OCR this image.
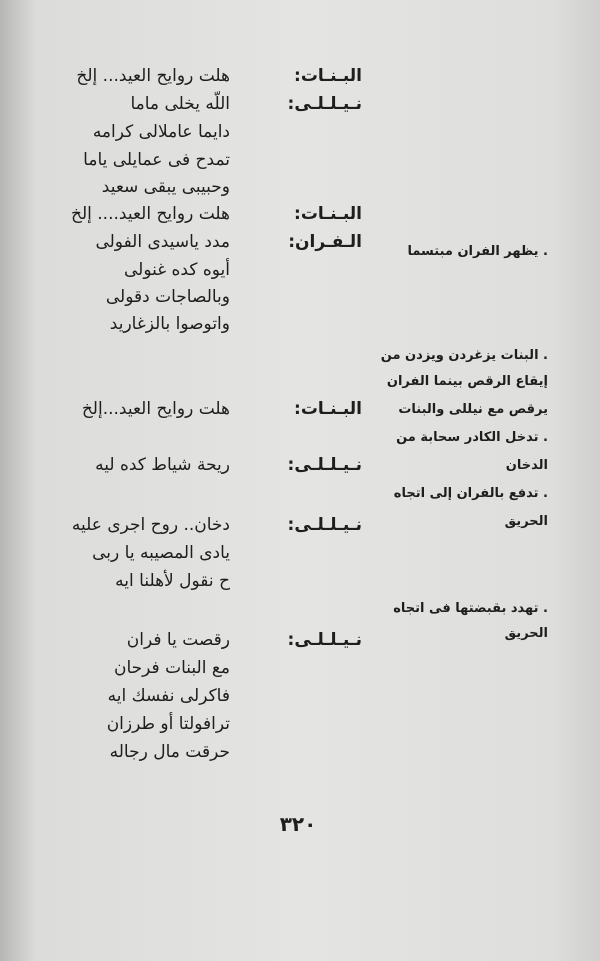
البـنـات:
هلت روايح العيد... إلخ
نـيـلـلـى:
اللّه يخلى ماما
دايما عاملالى كرامه
تمدح فى عمايلى ياما
وحبيبى يبقى سعيد
البـنـات:
هلت روايح العيد.... إلخ
الـفـران:
مدد ياسيدى الفولى
أيوه كده غنولى
وبالصاجات دقولى
واتوصوا بالزغاريد
البـنـات:
هلت روايح العيد...إلخ
نـيـلـلـى:
ريحة شياط كده ليه
نـيـلـلـى:
دخان.. روح اجرى عليه
يادى المصيبه يا ربى
ح نقول لأهلنا ايه
نـيـلـلـى:
رقصت يا فران
مع البنات فرحان
فاكرلى نفسك ايه
ترافولتا أو طرزان
حرقت مال رجاله
. يظهر الفران مبتسما
. البنات يزغردن ويزدن من
إيقاع الرقص بينما الفران
يرقص مع نيللى والبنات
. تدخل الكادر سحابة من
الدخان
. تدفع بالفران إلى اتجاه
الحريق
. تهدد بقبضتها فى اتجاه
الحريق
٣٢٠
